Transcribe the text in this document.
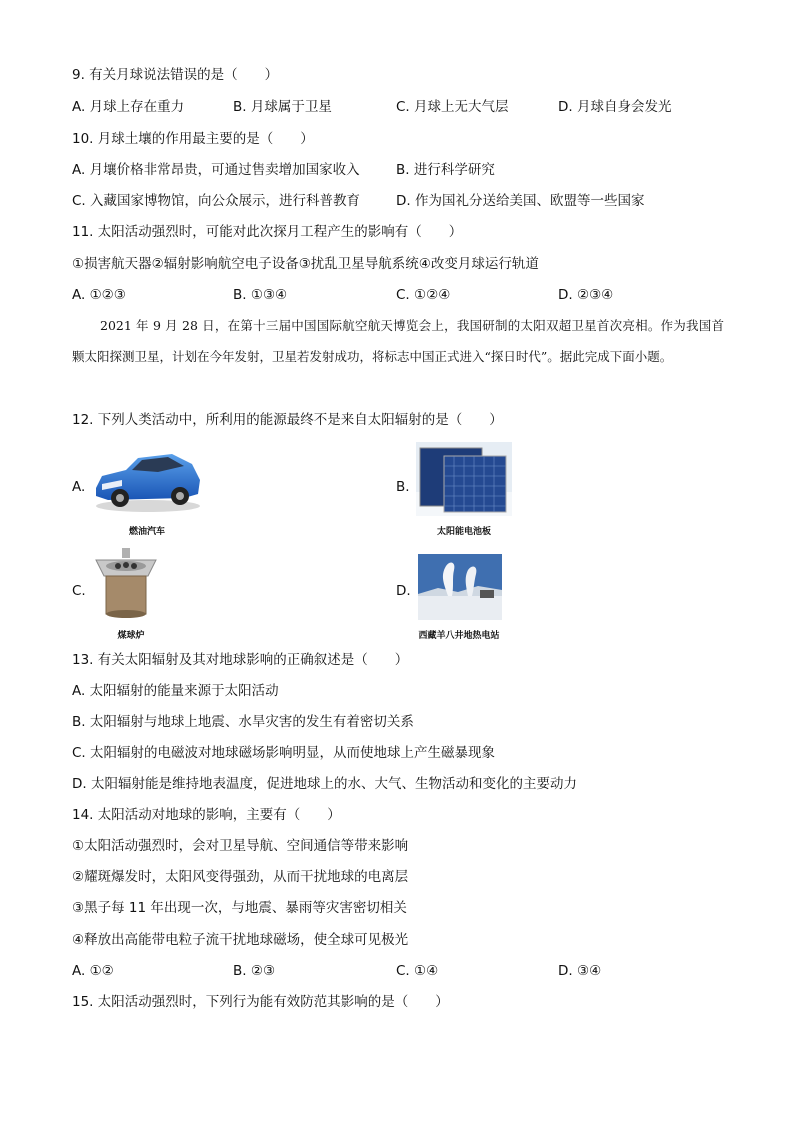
9. 有关月球说法错误的是（　　）
A. 月球上存在重力	B. 月球属于卫星	C. 月球上无大气层	D. 月球自身会发光
10. 月球土壤的作用最主要的是（　　）
A. 月壤价格非常昂贵，可通过售卖增加国家收入	B. 进行科学研究
C. 入藏国家博物馆，向公众展示，进行科普教育	D. 作为国礼分送给美国、欧盟等一些国家
11. 太阳活动强烈时，可能对此次探月工程产生的影响有（　　）
①损害航天器②辐射影响航空电子设备③扰乱卫星导航系统④改变月球运行轨道
A. ①②③	B. ①③④	C. ①②④	D. ②③④

2021 年 9 月 28 日，在第十三届中国国际航空航天博览会上，我国研制的太阳双超卫星首次亮相。作为我国首颗太阳探测卫星，计划在今年发射，卫星若发射成功，将标志中国正式进入“探日时代”。据此完成下面小题。

12. 下列人类活动中，所利用的能源最终不是来自太阳辐射的是（　　）
A.
燃油汽车
B.
太阳能电池板
C.
煤球炉
D.
西藏羊八井地热电站
13. 有关太阳辐射及其对地球影响的正确叙述是（　　）
A. 太阳辐射的能量来源于太阳活动
B. 太阳辐射与地球上地震、水旱灾害的发生有着密切关系
C. 太阳辐射的电磁波对地球磁场影响明显，从而使地球上产生磁暴现象
D. 太阳辐射能是维持地表温度，促进地球上的水、大气、生物活动和变化的主要动力
14. 太阳活动对地球的影响，主要有（　　）
①太阳活动强烈时，会对卫星导航、空间通信等带来影响
②耀斑爆发时，太阳风变得强劲，从而干扰地球的电离层
③黑子每 11 年出现一次，与地震、暴雨等灾害密切相关
④释放出高能带电粒子流干扰地球磁场，使全球可见极光
A. ①②	B. ②③	C. ①④	D. ③④
15. 太阳活动强烈时，下列行为能有效防范其影响的是（　　）
